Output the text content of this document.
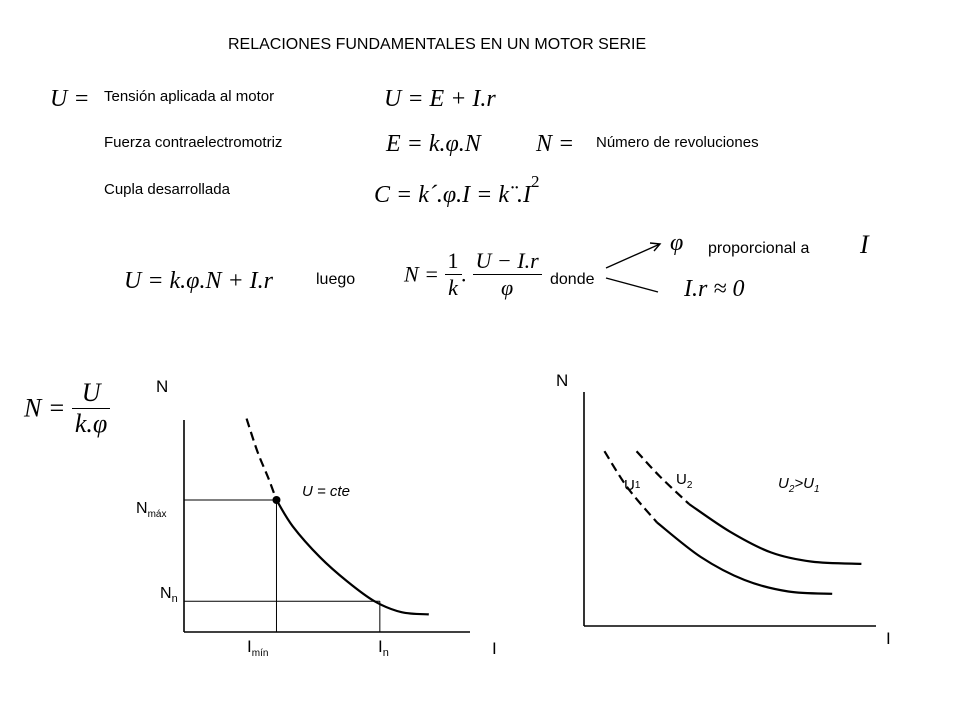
RELACIONES FUNDAMENTALES EN UN MOTOR SERIE
U = Tensión aplicada al motor	U = E + I.r
Fuerza contraelectromotriz	E = k.φ.N N = Número de revoluciones
Cupla desarrollada	C = k´.φ.I = $k¨.I^2$
U = k.φ.N + I.r	luego $N = \frac{1}{k}$ . $\frac{U - I.r}{\varphi}$ donde
φ proporcional a I
I.r ≈ 0
$N = \frac{U}{k.\varphi}$	N
I
U = cte
$N_{máx}$
$N_n$
$I_{mín}$	$I_n$
N
I
U1 $U_2$	$U_2>U_1$
